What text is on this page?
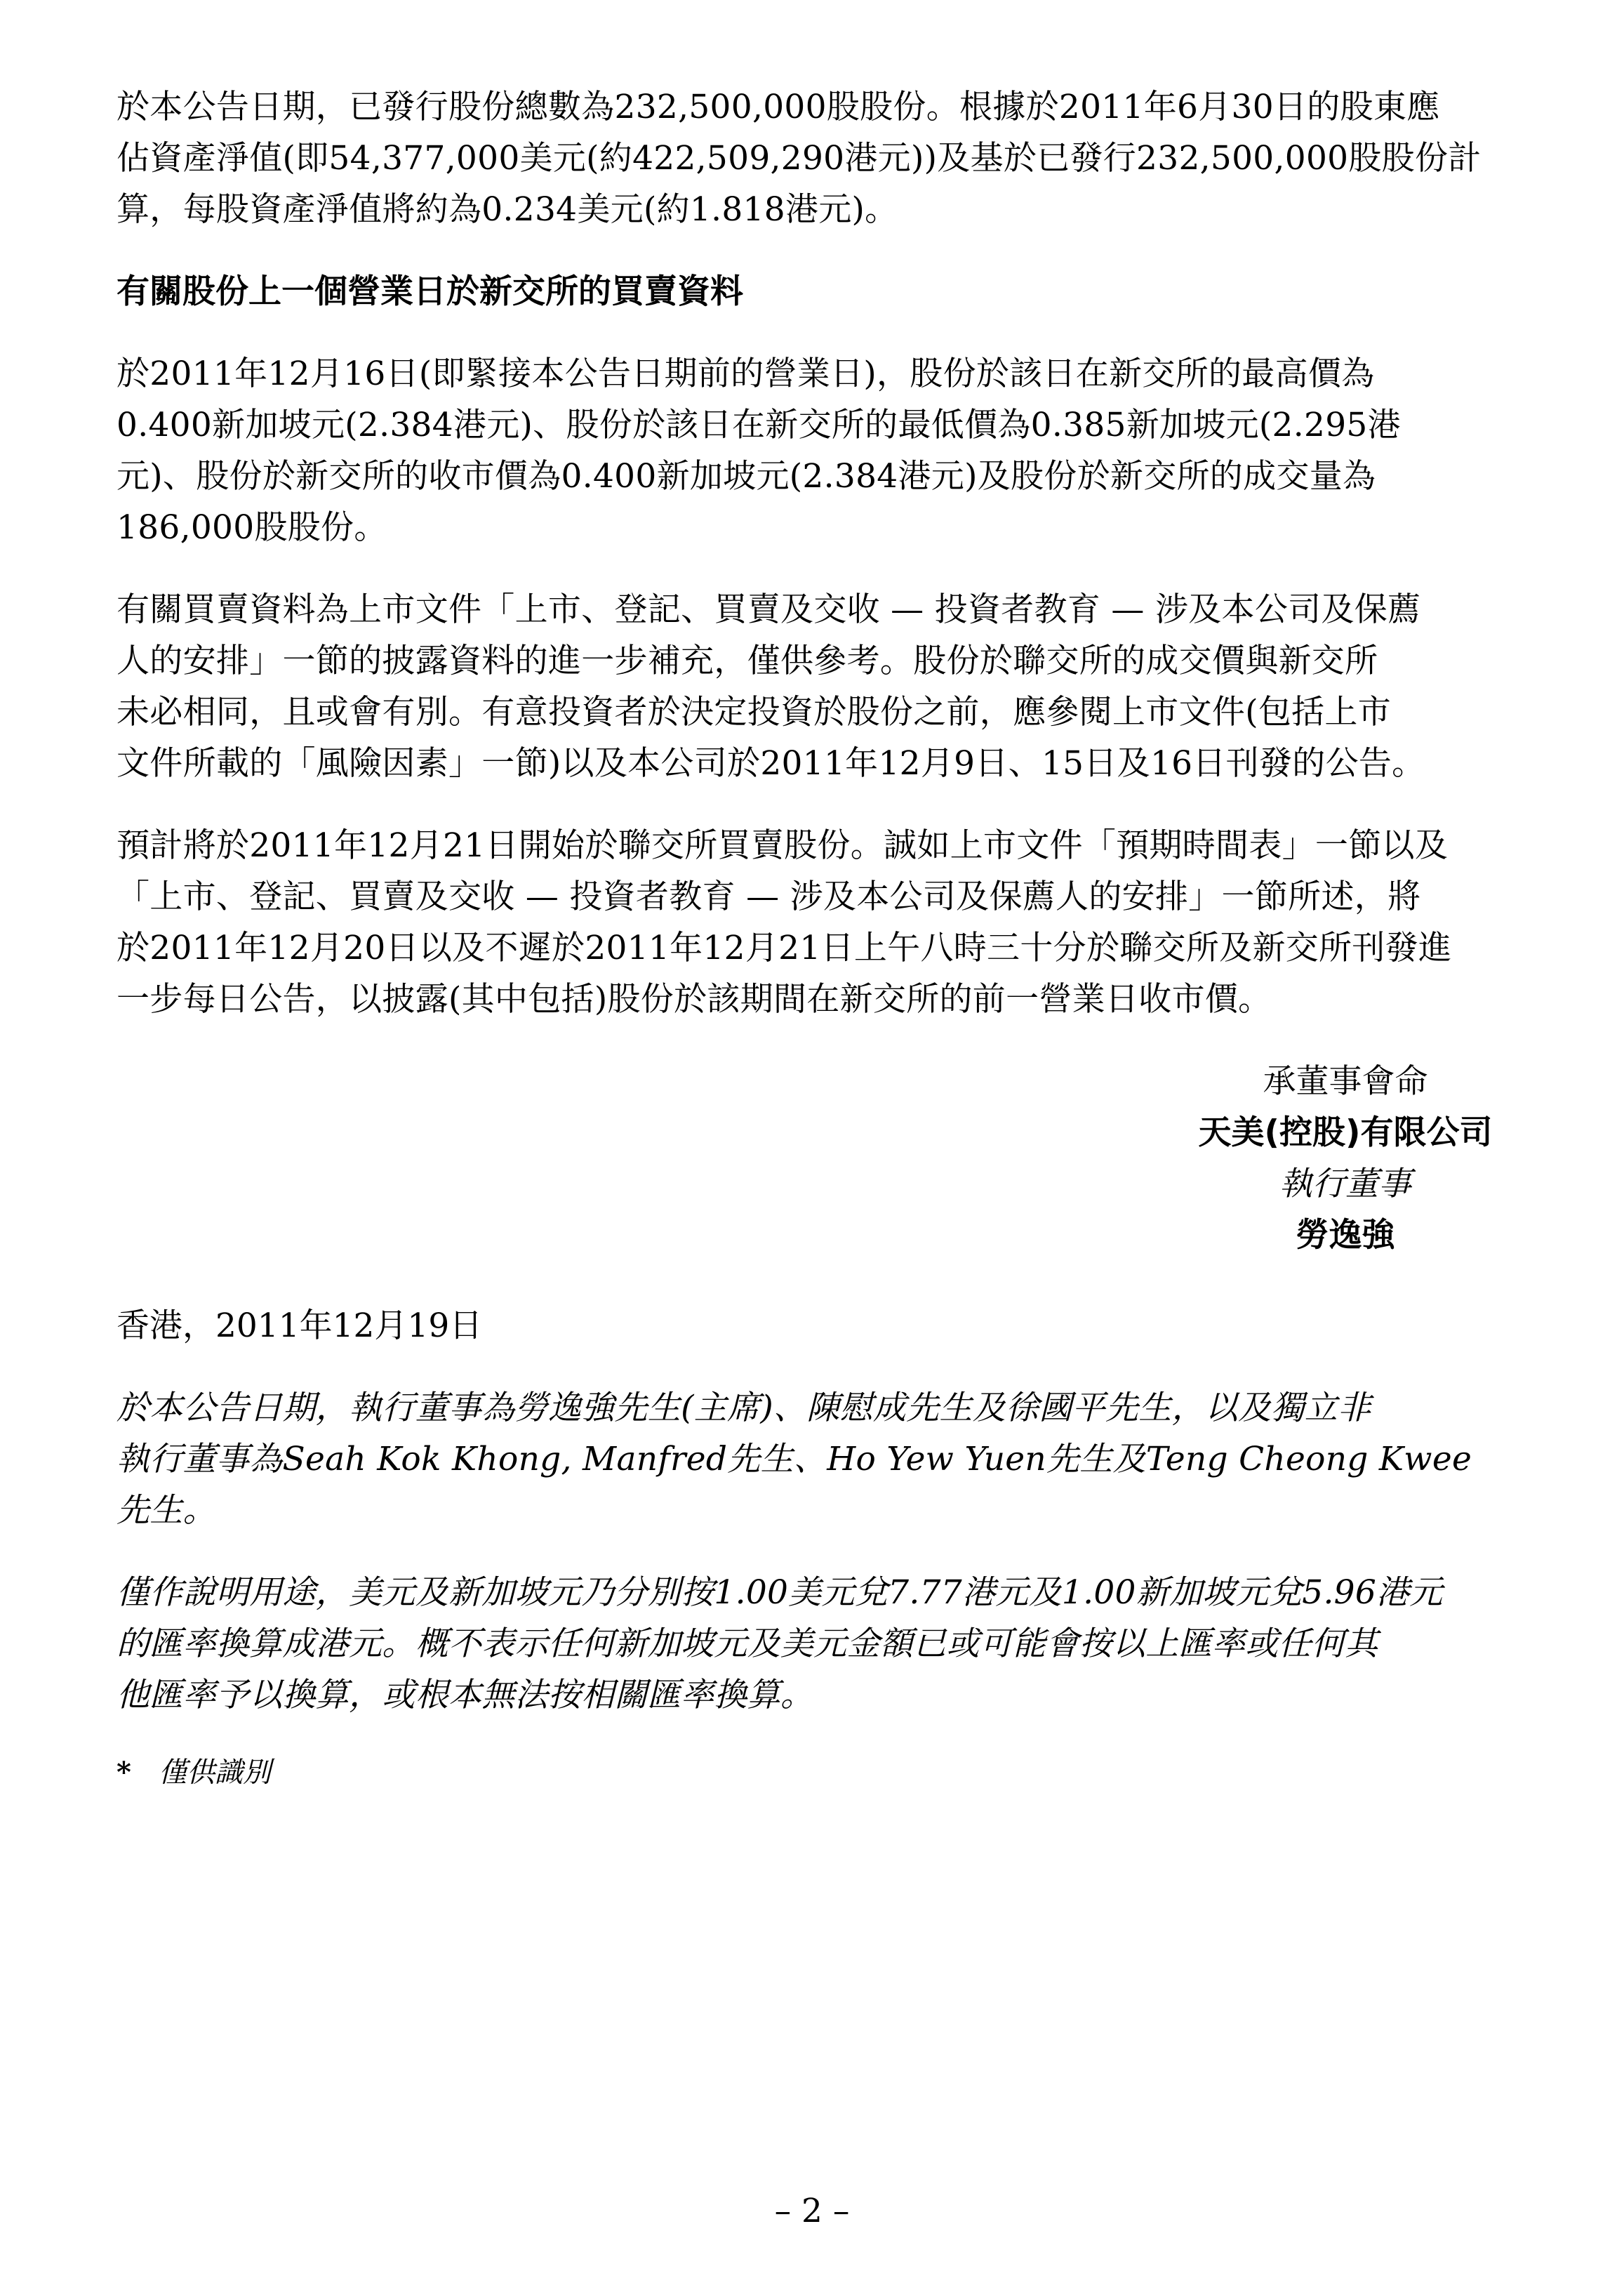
於本公告日期，已發行股份總數為232,500,000股股份。根據於2011年6月30日的股東應
佔資產淨值(即54,377,000美元(約422,509,290港元))及基於已發行232,500,000股股份計
算，每股資產淨值將約為0.234美元(約1.818港元)。
有關股份上一個營業日於新交所的買賣資料
於2011年12月16日(即緊接本公告日期前的營業日)，股份於該日在新交所的最高價為
0.400新加坡元(2.384港元)、股份於該日在新交所的最低價為0.385新加坡元(2.295港
元)、股份於新交所的收市價為0.400新加坡元(2.384港元)及股份於新交所的成交量為
186,000股股份。
有關買賣資料為上市文件「上市、登記、買賣及交收 — 投資者教育 — 涉及本公司及保薦
人的安排」一節的披露資料的進一步補充，僅供參考。股份於聯交所的成交價與新交所
未必相同，且或會有別。有意投資者於決定投資於股份之前，應參閱上市文件(包括上市
文件所載的「風險因素」一節)以及本公司於2011年12月9日、15日及16日刊發的公告。
預計將於2011年12月21日開始於聯交所買賣股份。誠如上市文件「預期時間表」一節以及
「上市、登記、買賣及交收 — 投資者教育 — 涉及本公司及保薦人的安排」一節所述，將
於2011年12月20日以及不遲於2011年12月21日上午八時三十分於聯交所及新交所刊發進
一步每日公告，以披露(其中包括)股份於該期間在新交所的前一營業日收市價。
承董事會命
天美(控股)有限公司
執行董事
勞逸強
香港，2011年12月19日
於本公告日期，執行董事為勞逸強先生(主席)、陳慰成先生及徐國平先生，以及獨立非
執行董事為Seah Kok Khong, Manfred先生、Ho Yew Yuen先生及Teng Cheong Kwee
先生。
僅作說明用途，美元及新加坡元乃分別按1.00美元兌7.77港元及1.00新加坡元兌5.96港元
的匯率換算成港元。概不表示任何新加坡元及美元金額已或可能會按以上匯率或任何其
他匯率予以換算，或根本無法按相關匯率換算。
* 僅供識別
– 2 –
